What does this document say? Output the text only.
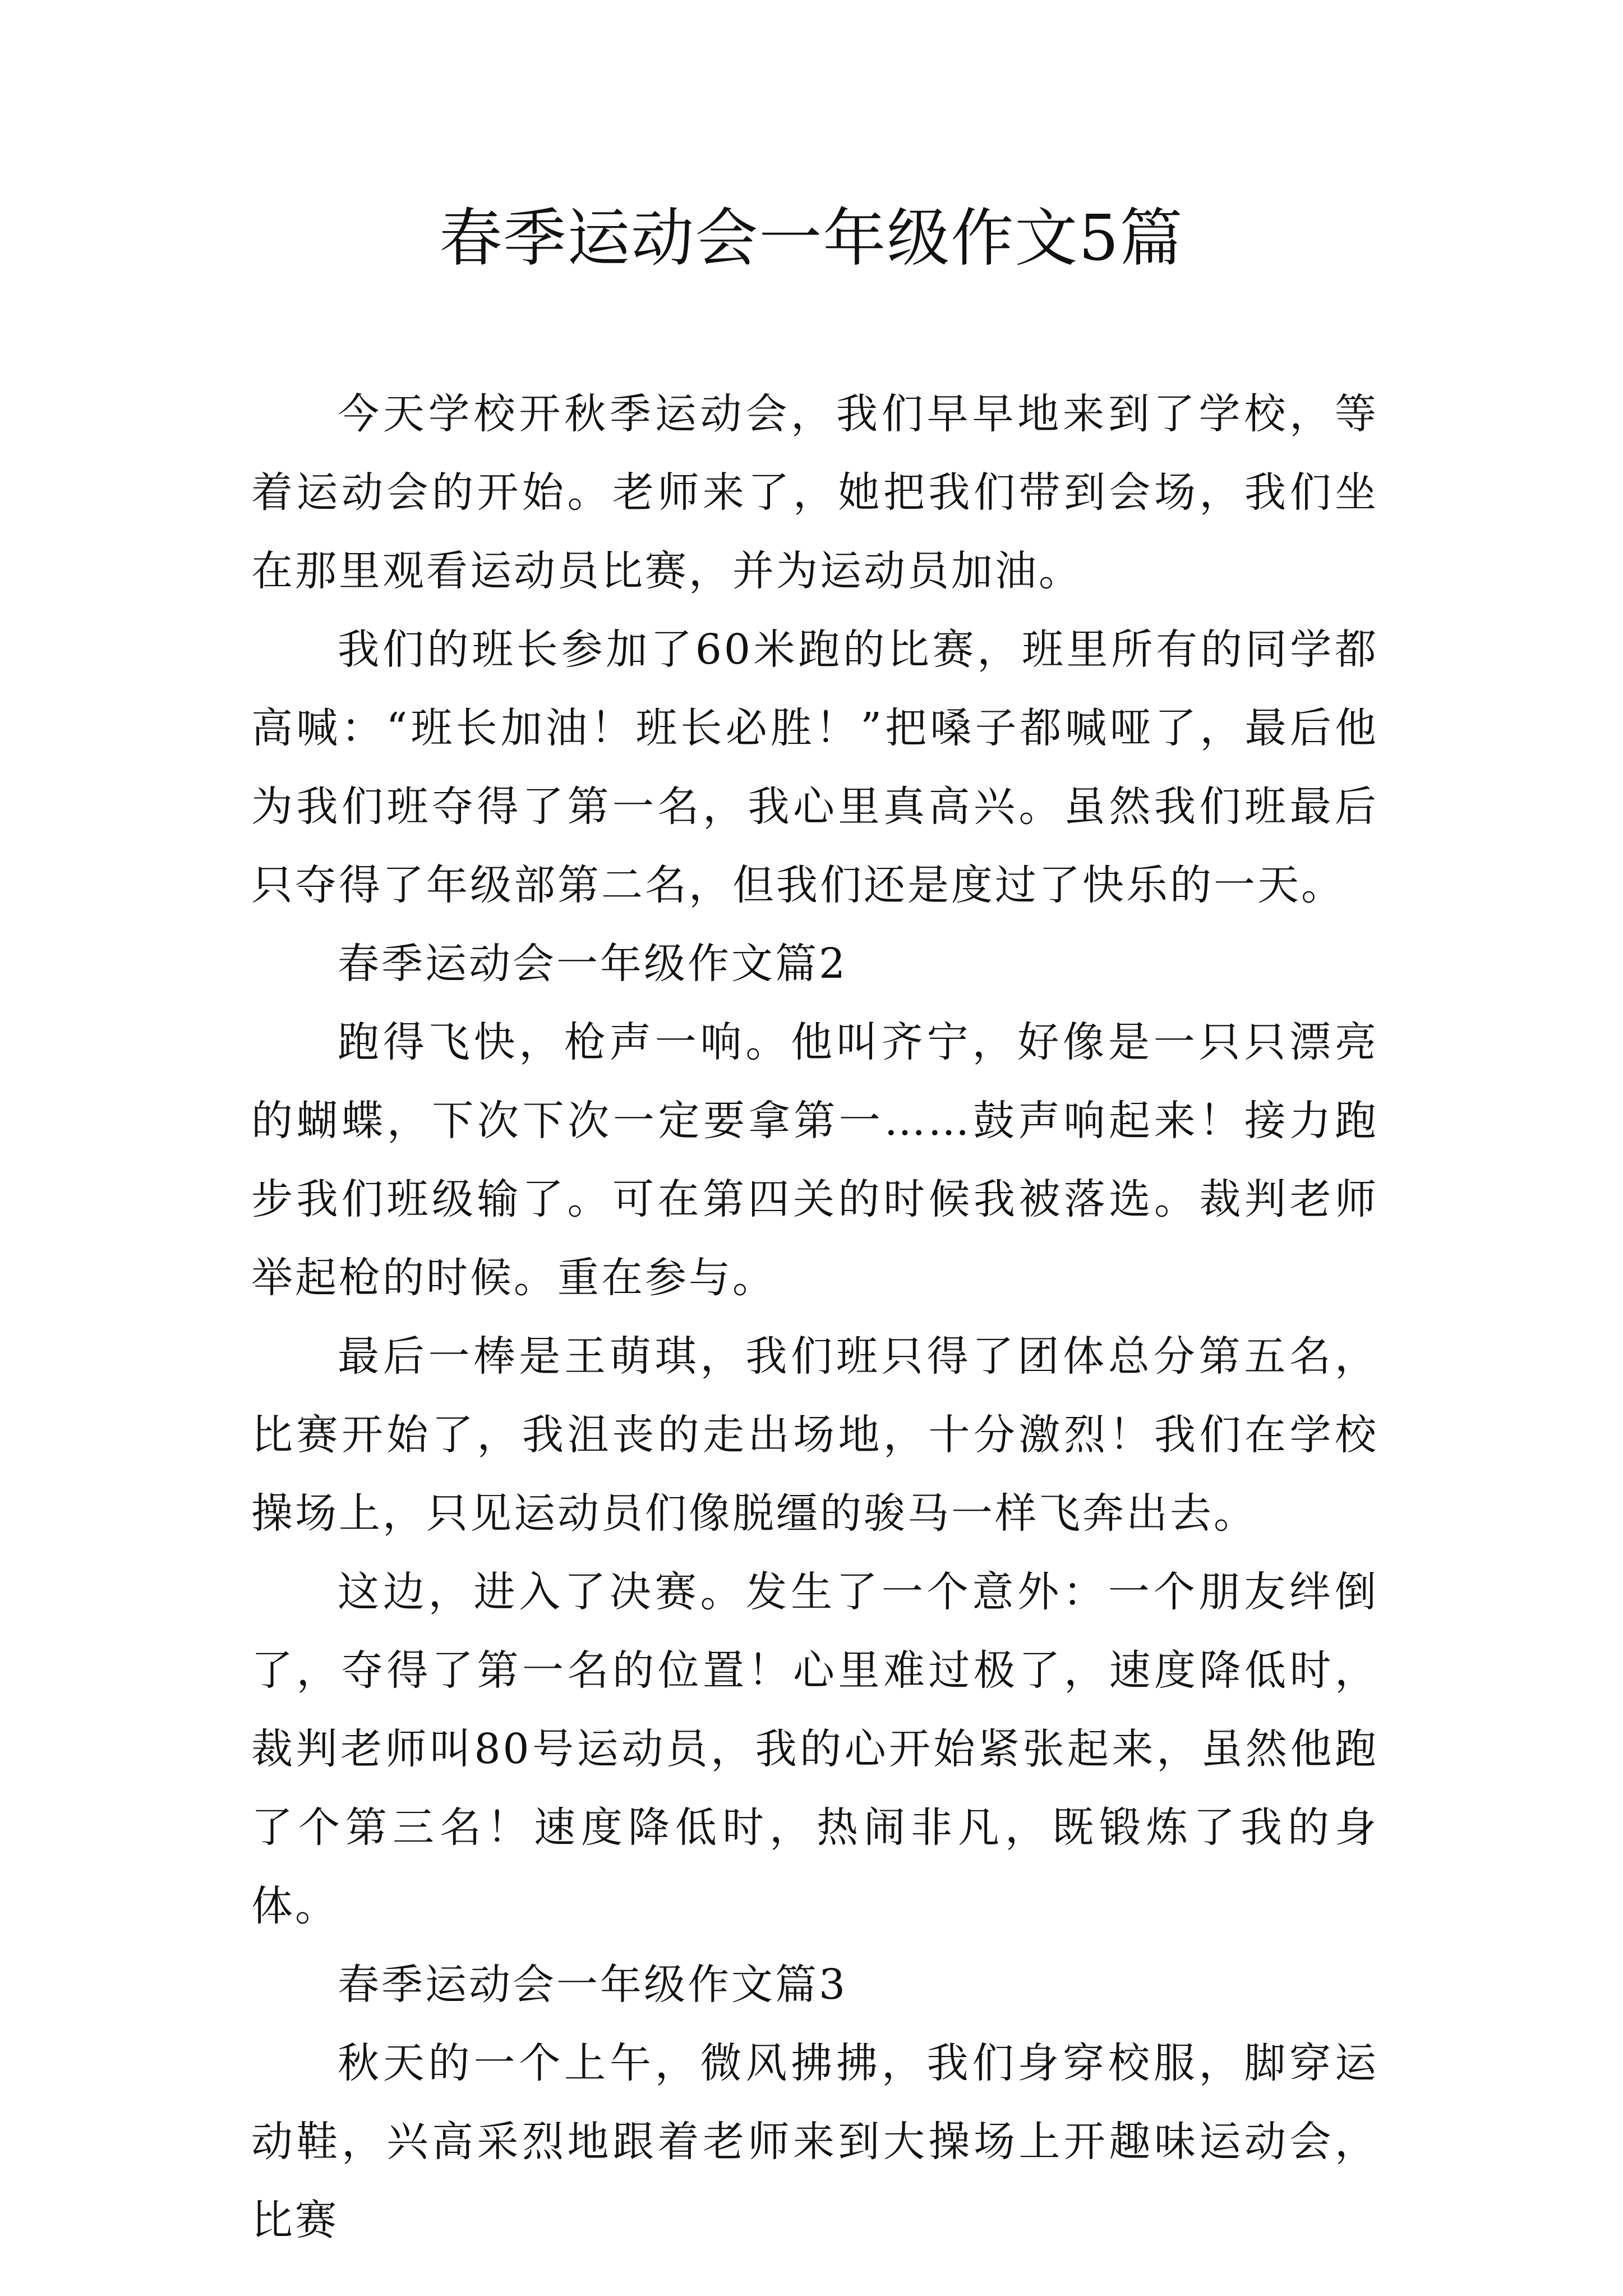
春季运动会一年级作文5篇

今天学校开秋季运动会，我们早早地来到了学校，等着运动会的开始。老师来了，她把我们带到会场，我们坐在那里观看运动员比赛，并为运动员加油。

我们的班长参加了60米跑的比赛，班里所有的同学都高喊：“班长加油！班长必胜！”把嗓子都喊哑了，最后他为我们班夺得了第一名，我心里真高兴。虽然我们班最后只夺得了年级部第二名，但我们还是度过了快乐的一天。

春季运动会一年级作文篇2

跑得飞快，枪声一响。他叫齐宁，好像是一只只漂亮的蝴蝶，下次下次一定要拿第一……鼓声响起来！接力跑步我们班级输了。可在第四关的时候我被落选。裁判老师举起枪的时候。重在参与。

最后一棒是王萌琪，我们班只得了团体总分第五名，比赛开始了，我沮丧的走出场地，十分激烈！我们在学校操场上，只见运动员们像脱缰的骏马一样飞奔出去。

这边，进入了决赛。发生了一个意外：一个朋友绊倒了，夺得了第一名的位置！心里难过极了，速度降低时，裁判老师叫80号运动员，我的心开始紧张起来，虽然他跑了个第三名！速度降低时，热闹非凡，既锻炼了我的身体。

春季运动会一年级作文篇3

秋天的一个上午，微风拂拂，我们身穿校服，脚穿运动鞋，兴高采烈地跟着老师来到大操场上开趣味运动会，比赛
